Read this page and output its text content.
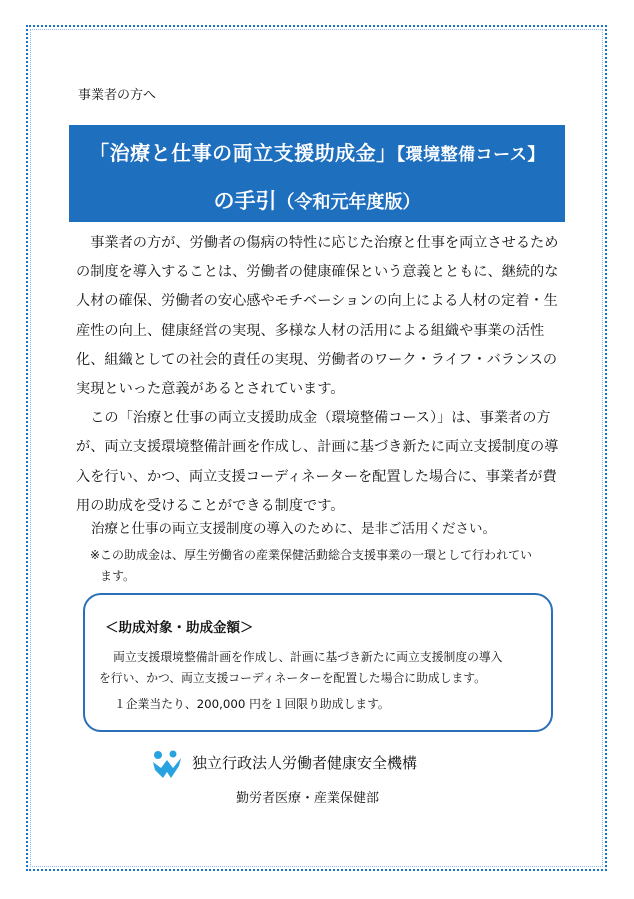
事業者の方へ
「治療と仕事の両立支援助成金」【環境整備コース】
の手引（令和元年度版）

事業者の方が、労働者の傷病の特性に応じた治療と仕事を両立させるための制度を導入することは、労働者の健康確保という意義とともに、継続的な人材の確保、労働者の安心感やモチベーションの向上による人材の定着・生産性の向上、健康経営の実現、多様な人材の活用による組織や事業の活性化、組織としての社会的責任の実現、労働者のワーク・ライフ・バランスの実現といった意義があるとされています。

この「治療と仕事の両立支援助成金（環境整備コース）」は、事業者の方が、両立支援環境整備計画を作成し、計画に基づき新たに両立支援制度の導入を行い、かつ、両立支援コーディネーターを配置した場合に、事業者が費用の助成を受けることができる制度です。

治療と仕事の両立支援制度の導入のために、是非ご活用ください。
※この助成金は、厚生労働省の産業保健活動総合支援事業の一環として行われてい
ます。
＜助成対象・助成金額＞
両立支援環境整備計画を作成し、計画に基づき新たに両立支援制度の導入
を行い、かつ、両立支援コーディネーターを配置した場合に助成します。
１企業当たり、200,000 円を１回限り助成します。
独立行政法人労働者健康安全機構
勤労者医療・産業保健部
